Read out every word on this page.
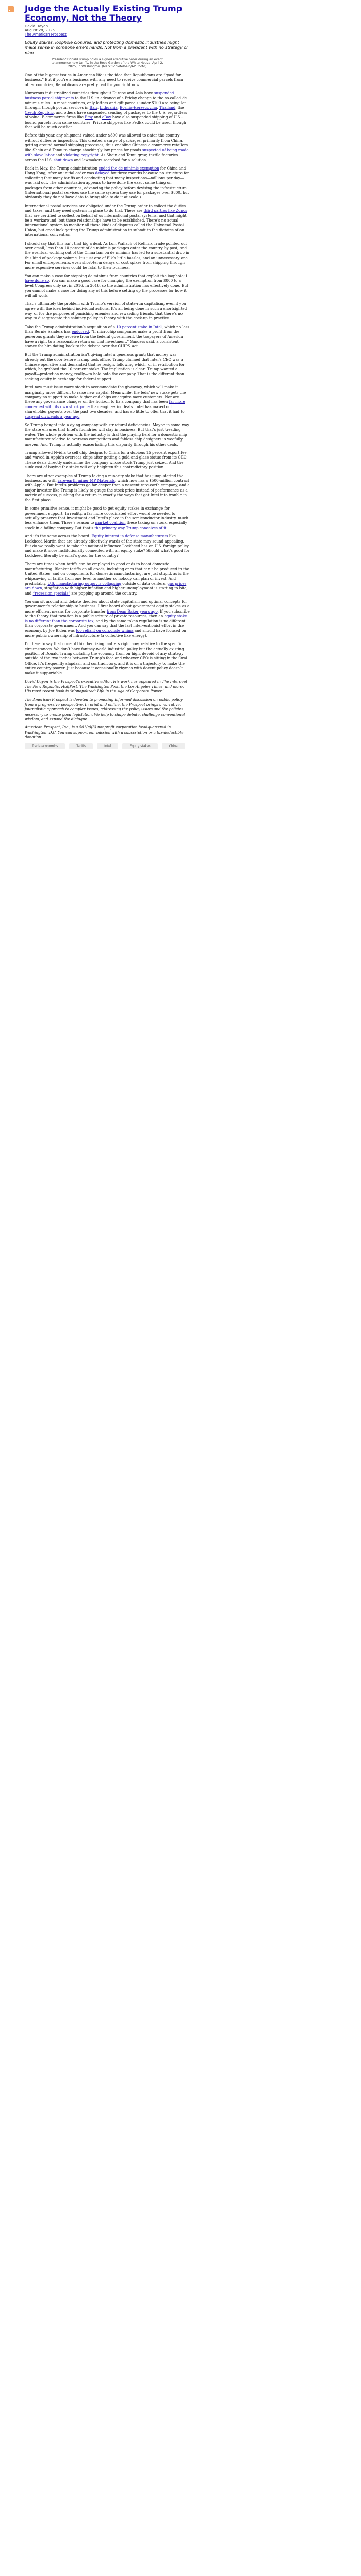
Judge the Actually Existing Trump Economy, Not the Theory
David Dayen
August 28, 2025
The American Prospect
Equity stakes, loophole closures, and protecting domestic industries might make sense in someone else’s hands. Not from a president with no strategy or plan.
President Donald Trump holds a signed executive order during an event to announce new tariffs, in the Rose Garden of the White House, April 2, 2025, in Washington. (Mark Schiefelbein/AP Photo)

One of the biggest issues in American life is the idea that Republicans are “good for business.” But if you’re a business with any need to receive commercial parcels from other countries, Republicans are pretty bad for you right now.

Numerous industrialized countries throughout Europe and Asia have suspended business parcel shipments to the U.S. in advance of a Friday change to the so-called de minimis rules. In most countries, only letters and gift parcels under $100 are being let through, though postal services in Italy, Lithuania, Bosnia-Herzegovina, Thailand, the Czech Republic, and others have suspended sending of packages to the U.S. regardless of value. E-commerce firms like Etsy and eBay have also suspended shipping of U.S.-bound parcels from some countries. Private shippers like FedEx could be used, though that will be much costlier.

Before this year, any shipment valued under $800 was allowed to enter the country without duties or inspection. This created a surge of packages, primarily from China, getting around normal shipping processes, thus enabling Chinese e-commerce retailers like Shein and Temu to charge shockingly low prices for goods suspected of being made with slave labor and violating copyright. As Shein and Temu grew, textile factories across the U.S. shut down and lawmakers searched for a solution.

Back in May, the Trump administration ended the de minimis exemption for China and Hong Kong, after an initial order was delayed for three months because no structure for collecting that many tariffs and conducting that many inspections—millions per day—was laid out. The administration appears to have done the exact same thing on packages from other countries, advancing the policy before devising the infrastructure. (International postal services use the same system they use for packages over $800, but obviously they do not have data to bring able to do it at scale.)

International postal services are obligated under the Trump order to collect the duties and taxes, and they need systems in place to do that. There are third parties like Zonos that are certified to collect on behalf of us international postal systems, and that might be a workaround, but those relationships have to be established. There’s no actual international system to monitor all these kinds of disputes called the Universal Postal Union, but good luck getting the Trump administration to submit to the dictates of an international convention.

I should say that this isn’t that big a deal. As Lori Wallach of Rethink Trade pointed out over email, less than 10 percent of de minimis packages enter the country by post, and the eventual working out of the China ban on de minimis has led to a substantial drop in this kind of package volume. It’s just one of Elk’s little hassles, and an unnecessary one. For small entrepreneurs, even short-term delays or cost spikes from shipping through more expensive services could be fatal to their business.

You can make a case for stopping de minimis from countries that exploit the loophole; I have done so. You can make a good case for changing the exemption from $800 to a level Congress only set in 2016. In 2016, so the administration has effectively done. But you cannot make a case for doing any of this before setting up the processes for how it will all work.

That’s ultimately the problem with Trump’s version of state-run capitalism, even if you agree with the idea behind individual actions. It’s all being done in such a shortsighted way, or for the purposes of punishing enemies and rewarding friends, that there’s no way to disaggregate the salutary policy in theory with the cock-up in practice.

Take the Trump administration’s acquisition of a 10 percent stake in Intel, which no less than Bernie Sanders has endorsed. “If microchip companies make a profit from the generous grants they receive from the federal government, the taxpayers of America have a right to a reasonable return on that investment,” Sanders said, a consistent stance for him dating back to the debate over the CHIPS Act.

But the Trump administration isn’t giving Intel a generous grant; that money was already out the door before Trump took office. Trump claimed that Intel’s CEO was a Chinese operative and demanded that he resign, following which, or in retribution for which, he grabbed the 10 percent stake. The implication is clear: Trump wanted a payoff—protection money, really—to hold onto the company. That is the different than seeking equity in exchange for federal support.

Intel now must issue more stock to accommodate the giveaway, which will make it marginally more difficult to raise new capital. Meanwhile, the feds’ new stake gets the company no support to make higher-end chips or acquire more customers. Nor are there any governance changes on the horizon to fix a company that has been far more concerned with its own stock price than engineering feats. Intel has maxed out shareholder payouts over the past two decades, and has so little to offer that it had to suspend dividends a year ago.

So Trump bought into a dying company with structural deficiencies. Maybe in some way, the state ensures that Intel’s foundries will stay in business. But that’s just treading water. The whole problem with the industry is that the playing field for a domestic chip manufacturer relative to overseas competitors and fabless chip designers is woefully uneven. And Trump is actually exacerbating this disparity through his other deals.

Trump allowed Nvidia to sell chip designs to China for a dubious 15 percent export fee, and waved in Apple’s overseas chips after getting a gold-and-glass statue from its CEO. These deals directly undermine the company whose stock Trump just seized. And the sunk cost of buying the stake will only heighten this contradictory position.

There are other examples of Trump taking a minority stake that has jump-started the business, as with rare-earth miner MP Materials, which now has a $500-million contract with Apple. But Intel’s problems go far deeper than a nascent rare-earth company, and a major investor like Trump is likely to gauge the stock price instead of performance as a metric of success, pushing for a return in exactly the ways that got Intel into trouble in the first place.

In some primitive sense, it might be good to get equity stakes in exchange for government support. In reality, a far more coordinated effort would be needed to actually preserve that investment and Intel’s place in the semiconductor industry, much less enhance them. There’s reason to market coalition these taking on stock, especially stock in a failing company. But that’s the primary way Trump conceives of it.

And it’s the same across the board. Equity interest in defense manufacturers like Lockheed Martin that are already effectively wards of the state may sound appealing. But do we really want to take the national influence Lockheed has on U.S. foreign policy and make it more institutionally connected with an equity stake? Should what’s good for Lockheed literally be what’s good for the country?

There are times when tariffs can be employed to good ends to boost domestic manufacturing. Blanket tariffs on all goods, including ones that can’t be produced in the United States, and on components for domestic manufacturing, are just stupid, as is the whipsawing of tariffs from one level to another so nobody can plan or invest. And predictably, U.S. manufacturing output is collapsing outside of data centers, gas prices are down, stagflation with higher inflation and higher unemployment is starting to bite, and “recession specials” are popping up around the country.

You can sit around and debate theories about state capitalism and optimal concepts for government’s relationship to business. I first heard about government equity stakes as a more efficient means for corporate transfer from Dean Baker years ago. If you subscribe to the theory that taxation is a public seizure of private resources, then an equity stake is no different than the corporate tax, and by the same token regulation is no different than corporate government. And you can say that the last interventionist effort in the economy, by Joe Biden was too reliant on corporate whims and should have focused on more public ownership of infrastructure (a collective like energy).

I’m here to say that none of this theorizing matters right now, relative to the specific circumstances. We don’t have fantasy-world industrial policy but the actually existing position of Donald Trump dictating the economy from on high, devoid of any strategy outside of the two inches between Trump’s face and whoever CEO is sitting in the Oval Office. It’s frequently slapdash and contradictory, and it is on a trajectory to make the entire country poorer. Just because it occasionally rhymes with decent policy doesn’t make it supportable.

David Dayen is the Prospect’s executive editor. His work has appeared in The Intercept, The New Republic, HuffPost, The Washington Post, the Los Angeles Times, and more. His most recent book is ‘Monopolized: Life in the Age of Corporate Power.’

The American Prospect is devoted to promoting informed discussion on public policy from a progressive perspective. In print and online, the Prospect brings a narrative, journalistic approach to complex issues, addressing the policy issues and the policies necessary to create good legislation. We help to shape debate, challenge conventional wisdom, and expand the dialogue.

American Prospect, Inc., is a 501(c)(3) nonprofit corporation headquartered in Washington, D.C. You can support our mission with a subscription or a tax-deductible donation.

Trade economics	Tariffs	Intel	Equity stakes	China
